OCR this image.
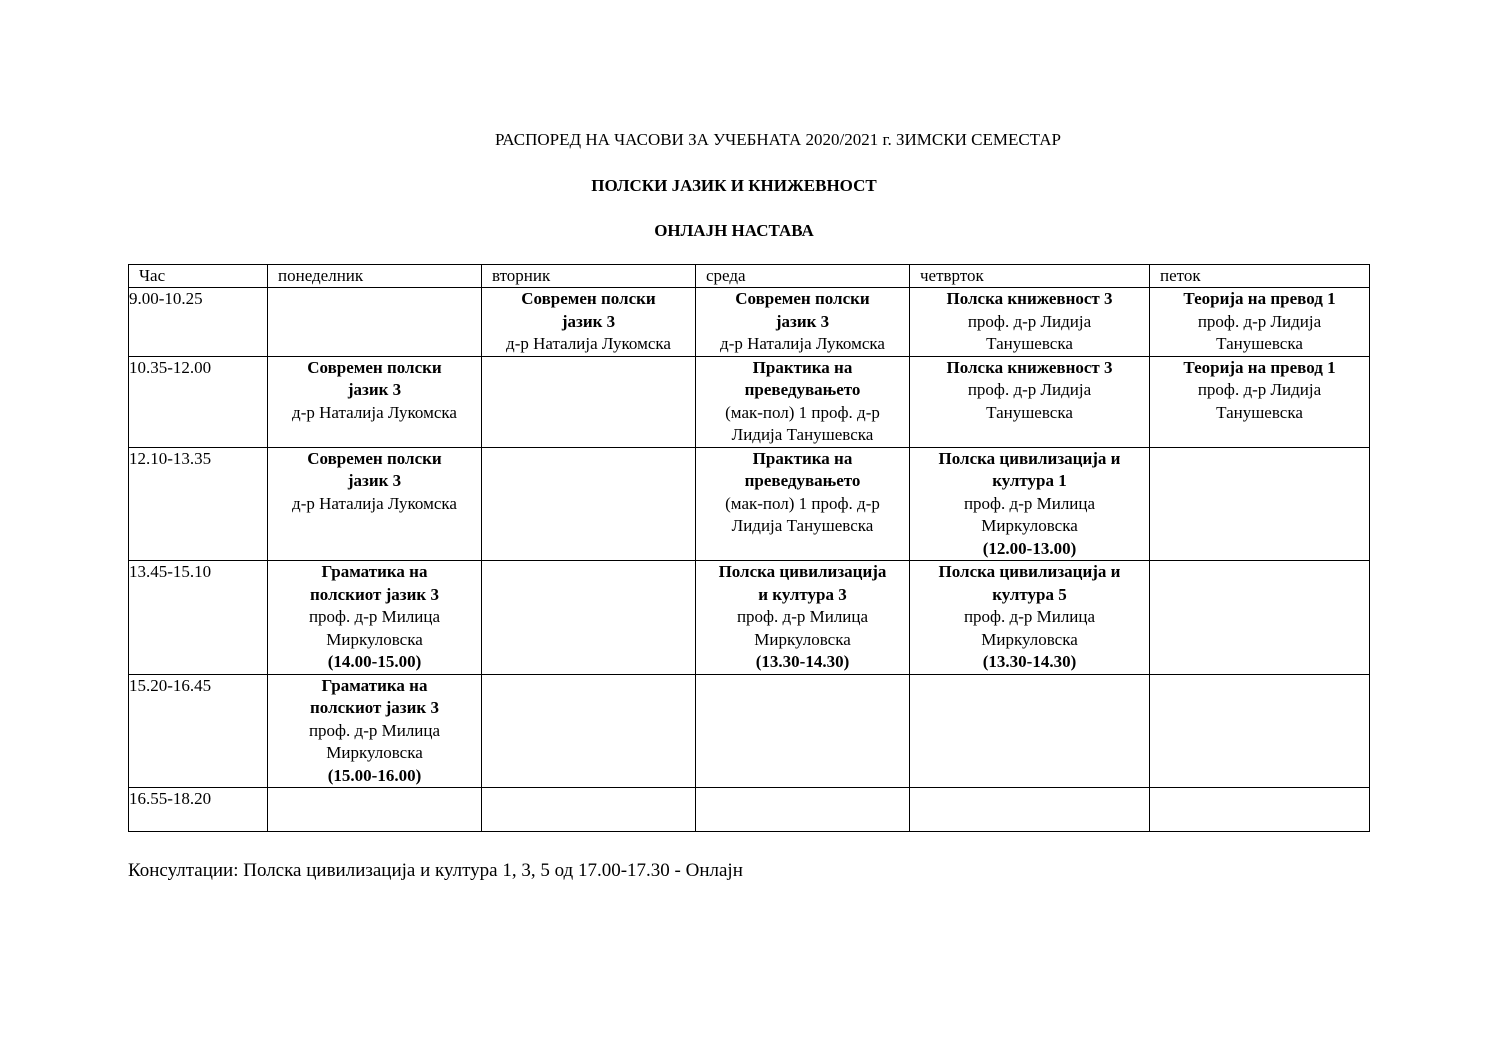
РАСПОРЕД НА ЧАСОВИ ЗА УЧЕБНАТА 2020/2021 г. ЗИМСКИ СЕМЕСТАР
ПОЛСКИ ЈАЗИК И КНИЖЕВНОСТ
ОНЛАЈН НАСТАВА
Час	понеделник	вторник	среда	четврток	петок
9.00-10.25		Современ полски
јазик 3
д-р Наталија Лукомска	Современ полски
јазик 3
д-р Наталија Лукомска	Полска книжевност 3
проф. д-р Лидија
Танушевска	Теорија на превод 1
проф. д-р Лидија
Танушевска

10.35-12.00	Современ полски
јазик 3
д-р Наталија Лукомска		Практика на
преведувањето
(мак-пол) 1 проф. д-р
Лидија Танушевска	Полска книжевност 3
проф. д-р Лидија
Танушевска	Теорија на превод 1
проф. д-р Лидија
Танушевска

12.10-13.35	Современ полски
јазик 3
д-р Наталија Лукомска		Практика на
преведувањето
(мак-пол) 1 проф. д-р
Лидија Танушевска	Полска цивилизација и
култура 1
проф. д-р Милица
Миркуловска
(12.00-13.00)	

13.45-15.10	Граматика на
полскиот јазик 3
проф. д-р Милица
Миркуловска
(14.00-15.00)		Полска цивилизација
и култура 3
проф. д-р Милица
Миркуловска
(13.30-14.30)	Полска цивилизација и
култура 5
проф. д-р Милица
Миркуловска
(13.30-14.30)	

15.20-16.45	Граматика на
полскиот јазик 3
проф. д-р Милица
Миркуловска
(15.00-16.00)				

16.55-18.20					
Консултации: Полска цивилизација и култура 1, 3, 5 од 17.00-17.30 - Онлајн
